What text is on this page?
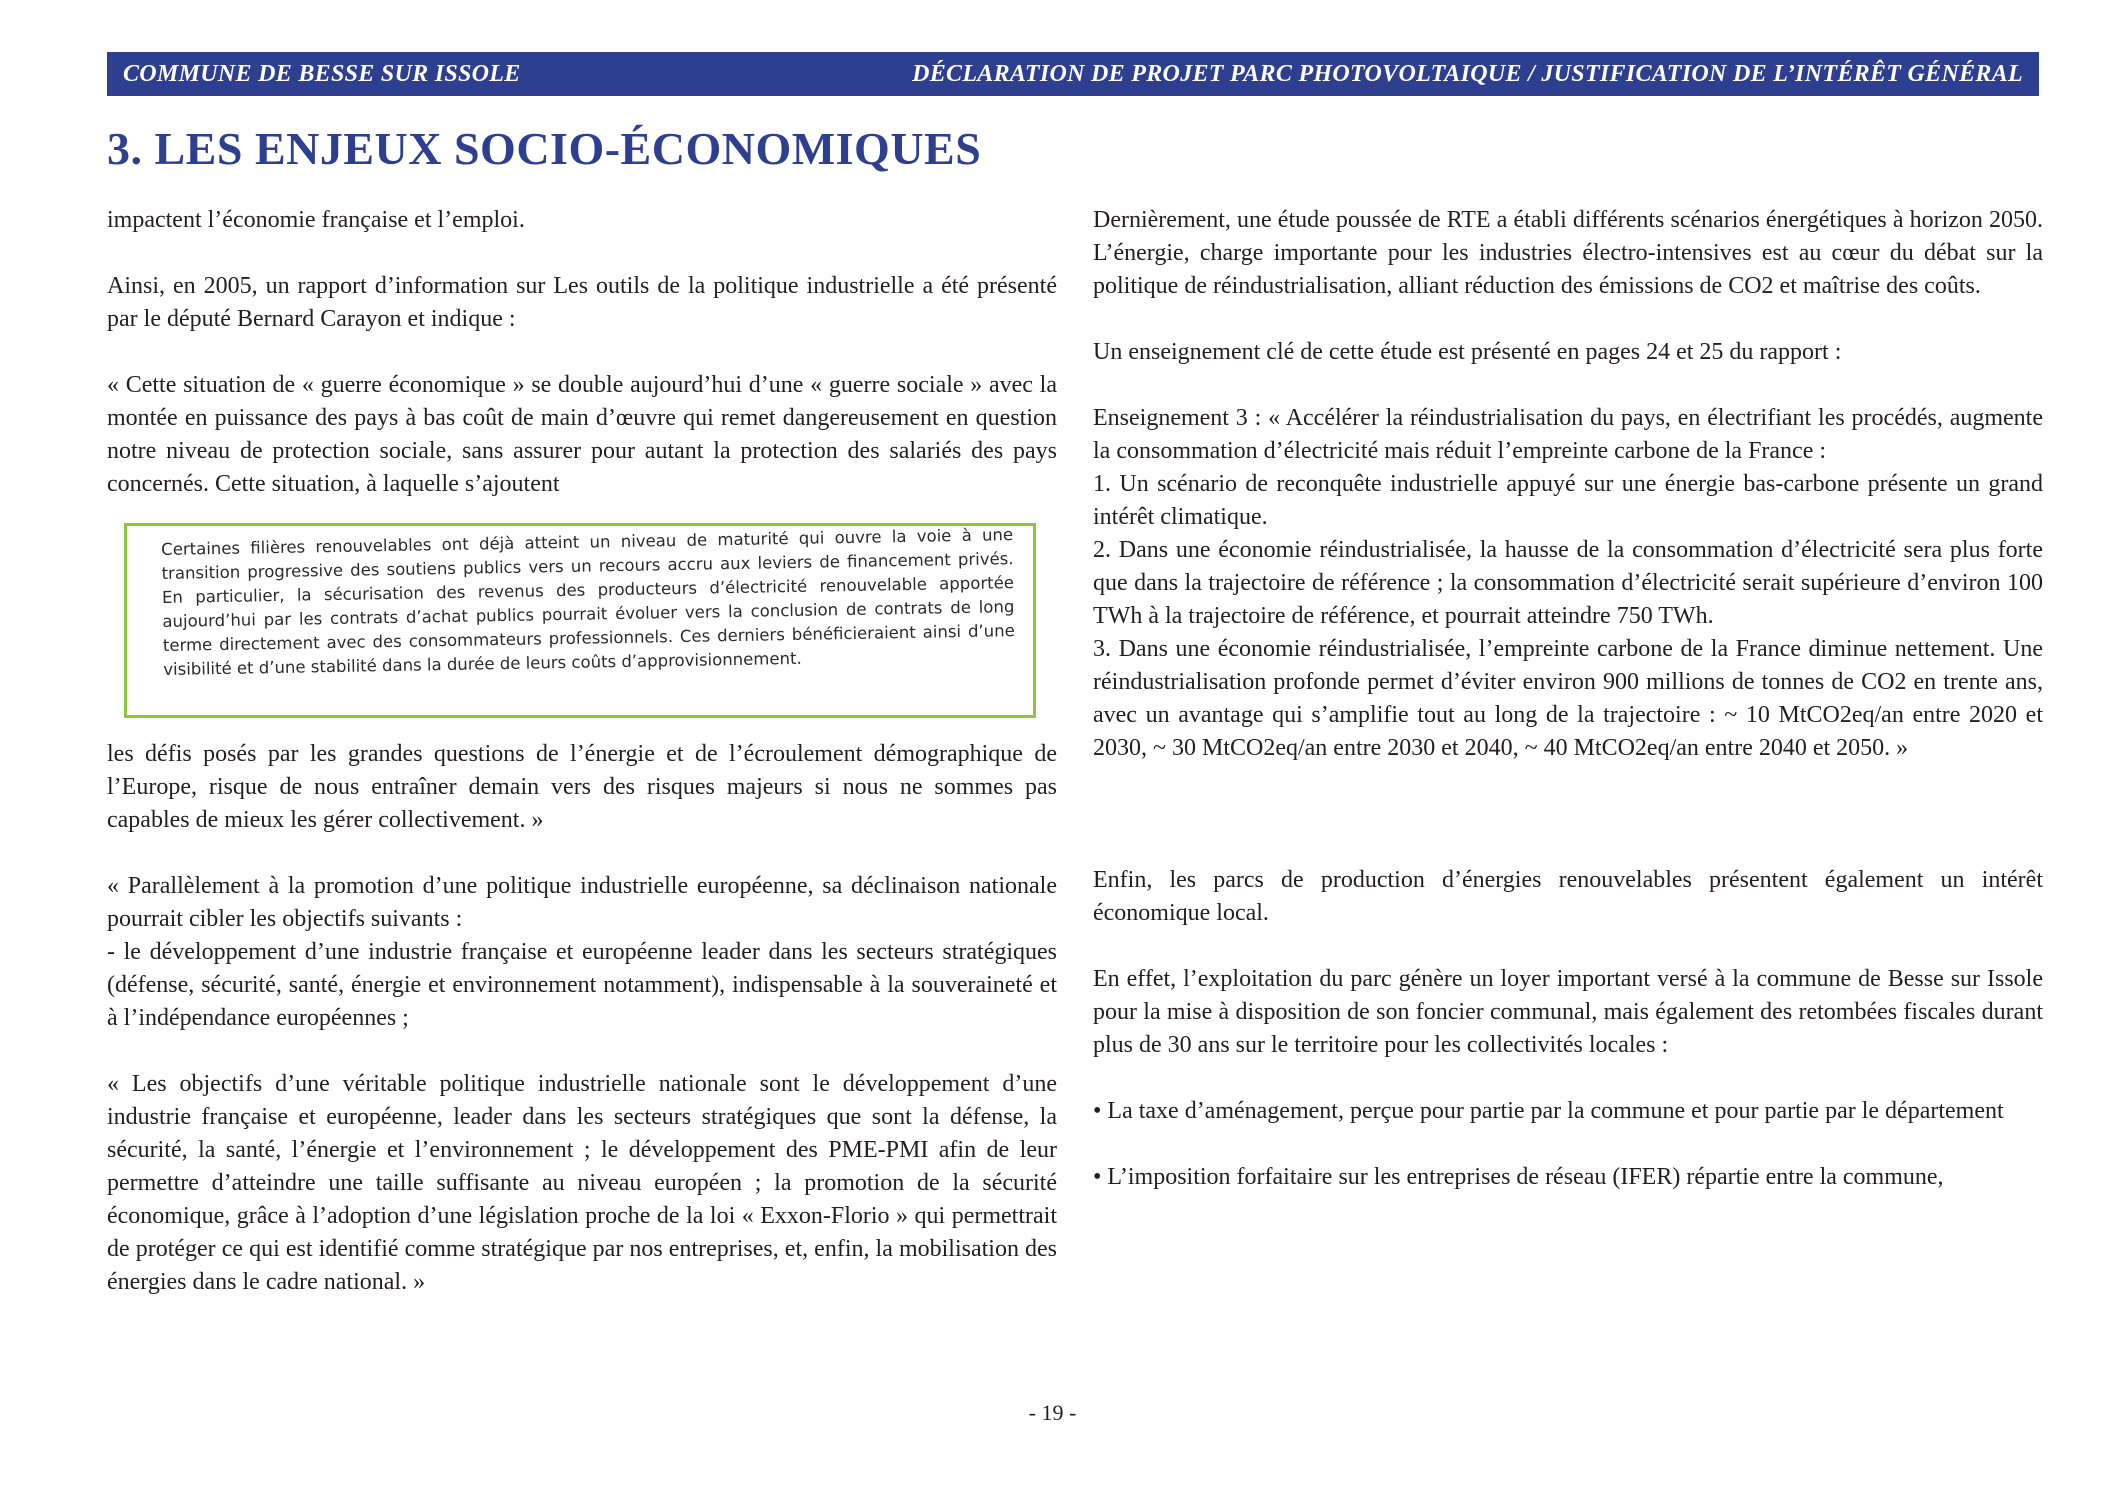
COMMUNE DE BESSE SUR ISSOLE	DÉCLARATION DE PROJET PARC PHOTOVOLTAIQUE / JUSTIFICATION DE L’INTÉRÊT GÉNÉRAL
3. LES ENJEUX SOCIO-ÉCONOMIQUES

impactent l’économie française et l’emploi.

Ainsi, en 2005, un rapport d’information sur Les outils de la politique industrielle a été présenté par le député Bernard Carayon et indique :

« Cette situation de « guerre économique » se double aujourd’hui d’une « guerre sociale » avec la montée en puissance des pays à bas coût de main d’œuvre qui remet dangereusement en question notre niveau de protection sociale, sans assurer pour autant la protection des salariés des pays concernés. Cette situation, à laquelle s’ajoutent

Certaines filières renouvelables ont déjà atteint un niveau de maturité qui ouvre la voie à une transition progressive des soutiens publics vers un recours accru aux leviers de financement privés. En particulier, la sécurisation des revenus des producteurs d’électricité renouvelable apportée aujourd’hui par les contrats d’achat publics pourrait évoluer vers la conclusion de contrats de long terme directement avec des consommateurs professionnels. Ces derniers bénéficieraient ainsi d’une visibilité et d’une stabilité dans la durée de leurs coûts d’approvisionnement.

les défis posés par les grandes questions de l’énergie et de l’écroulement démographique de l’Europe, risque de nous entraîner demain vers des risques majeurs si nous ne sommes pas capables de mieux les gérer collectivement. »

« Parallèlement à la promotion d’une politique industrielle européenne, sa déclinaison nationale pourrait cibler les objectifs suivants :

- le développement d’une industrie française et européenne leader dans les secteurs stratégiques (défense, sécurité, santé, énergie et environnement notamment), indispensable à la souveraineté et à l’indépendance européennes ;

« Les objectifs d’une véritable politique industrielle nationale sont le développement d’une industrie française et européenne, leader dans les secteurs stratégiques que sont la défense, la sécurité, la santé, l’énergie et l’environnement ; le développement des PME-PMI afin de leur permettre d’atteindre une taille suffisante au niveau européen ; la promotion de la sécurité économique, grâce à l’adoption d’une législation proche de la loi « Exxon-Florio » qui permettrait de protéger ce qui est identifié comme stratégique par nos entreprises, et, enfin, la mobilisation des énergies dans le cadre national. »

Dernièrement, une étude poussée de RTE a établi différents scénarios énergétiques à horizon 2050. L’énergie, charge importante pour les industries électro-intensives est au cœur du débat sur la politique de réindustrialisation, alliant réduction des émissions de CO2 et maîtrise des coûts.

Un enseignement clé de cette étude est présenté en pages 24 et 25 du rapport :

Enseignement 3 : « Accélérer la réindustrialisation du pays, en électrifiant les procédés, augmente la consommation d’électricité mais réduit l’empreinte carbone de la France :

1. Un scénario de reconquête industrielle appuyé sur une énergie bas-carbone présente un grand intérêt climatique.

2. Dans une économie réindustrialisée, la hausse de la consommation d’électricité sera plus forte que dans la trajectoire de référence ; la consommation d’électricité serait supérieure d’environ 100 TWh à la trajectoire de référence, et pourrait atteindre 750 TWh.

3. Dans une économie réindustrialisée, l’empreinte carbone de la France diminue nettement. Une réindustrialisation profonde permet d’éviter environ 900 millions de tonnes de CO2 en trente ans, avec un avantage qui s’amplifie tout au long de la trajectoire : ~ 10 MtCO2eq/an entre 2020 et 2030, ~ 30 MtCO2eq/an entre 2030 et 2040, ~ 40 MtCO2eq/an entre 2040 et 2050. »

Enfin, les parcs de production d’énergies renouvelables présentent également un intérêt économique local.

En effet, l’exploitation du parc génère un loyer important versé à la commune de Besse sur Issole pour la mise à disposition de son foncier communal, mais également des retombées fiscales durant plus de 30 ans sur le territoire pour les collectivités locales :

• La taxe d’aménagement, perçue pour partie par la commune et pour partie par le département

• L’imposition forfaitaire sur les entreprises de réseau (IFER) répartie entre la commune,

- 19 -
